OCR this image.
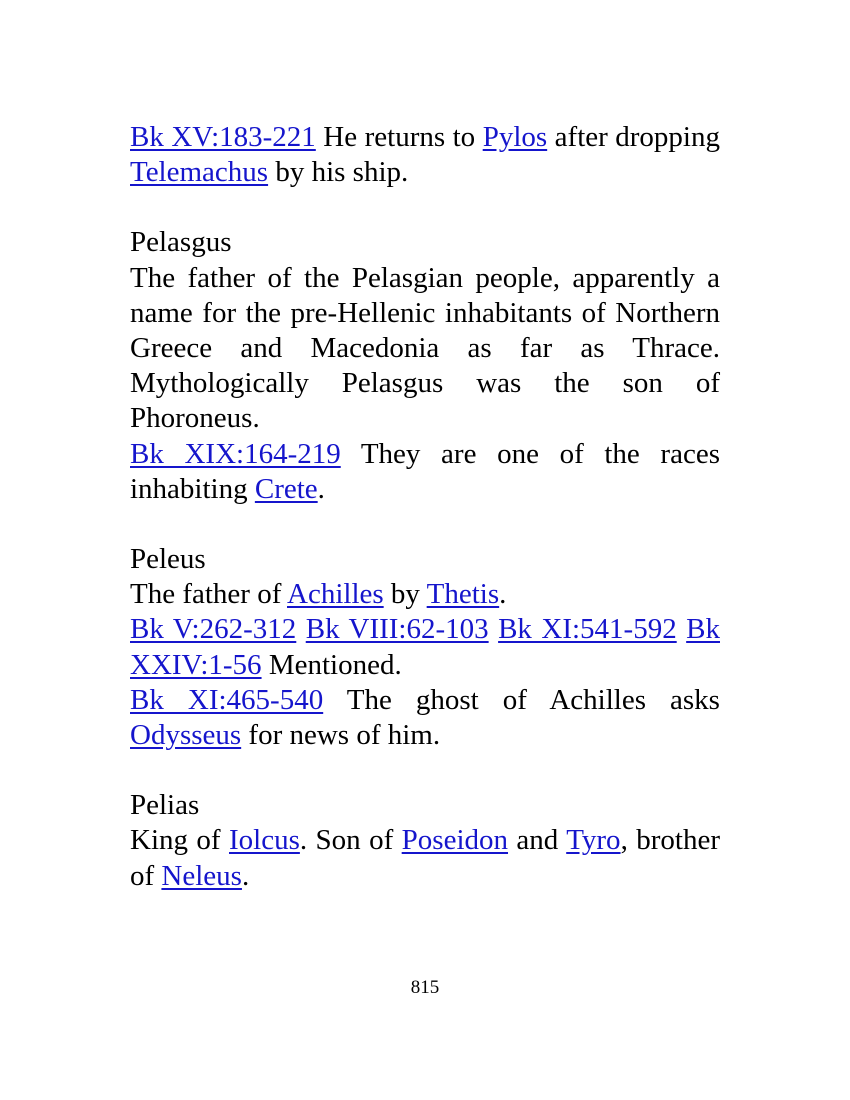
Bk XV:183-221 He returns to Pylos after dropping Telemachus by his ship.

Pelasgus

The father of the Pelasgian people, apparently a name for the pre-Hellenic inhabitants of Northern Greece and Macedonia as far as Thrace. Mythologically Pelasgus was the son of Phoroneus.

Bk XIX:164-219 They are one of the races inhabiting Crete.

Peleus

The father of Achilles by Thetis.

Bk V:262-312 Bk VIII:62-103 Bk XI:541-592 Bk XXIV:1-56 Mentioned.

Bk XI:465-540 The ghost of Achilles asks Odysseus for news of him.

Pelias

King of Iolcus. Son of Poseidon and Tyro, brother of Neleus.

815
